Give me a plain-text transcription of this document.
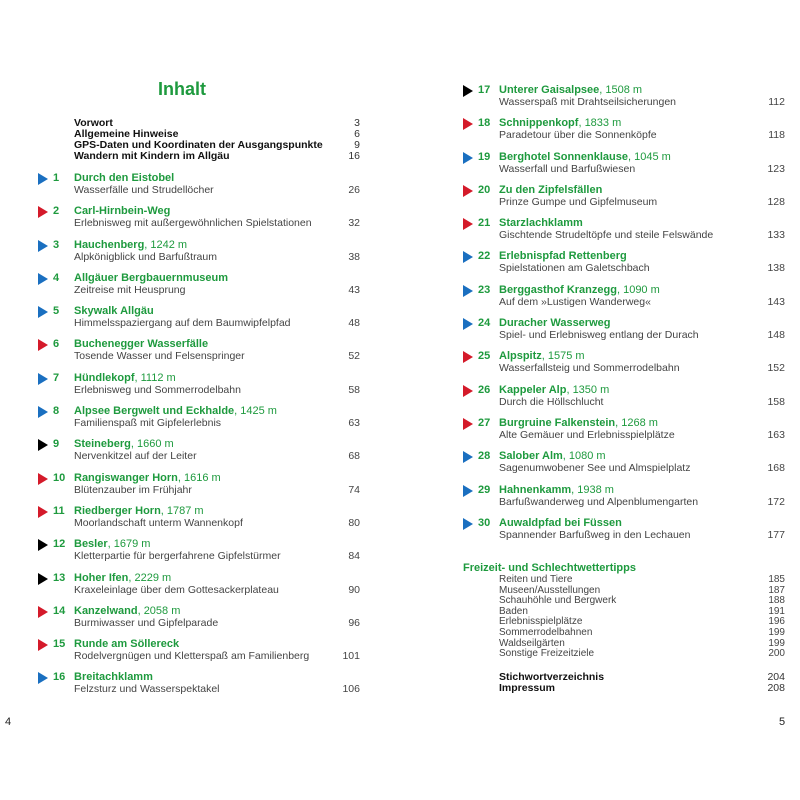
Inhalt
Vorwort	3
Allgemeine Hinweise	6
GPS-Daten und Koordinaten der Ausgangspunkte	9
Wandern mit Kindern im Allgäu	16
1 Durch den Eistobel
Wasserfälle und Strudellöcher	26
2 Carl-Hirnbein-Weg
Erlebnisweg mit außergewöhnlichen Spielstationen	32
3 Hauchenberg, 1242 m
Alpkönigblick und Barfußtraum	38
4 Allgäuer Bergbauernmuseum
Zeitreise mit Heusprung	43
5 Skywalk Allgäu
Himmelsspaziergang auf dem Baumwipfelpfad	48
6 Buchenegger Wasserfälle
Tosende Wasser und Felsenspringer	52
7 Hündlekopf, 1112 m
Erlebnisweg und Sommerrodelbahn	58
8 Alpsee Bergwelt und Eckhalde, 1425 m
Familienspaß mit Gipfelerlebnis	63
9 Steineberg, 1660 m
Nervenkitzel auf der Leiter	68
10 Rangiswanger Horn, 1616 m
Blütenzauber im Frühjahr	74
11 Riedberger Horn, 1787 m
Moorlandschaft unterm Wannenkopf	80
12 Besler, 1679 m
Kletterpartie für bergerfahrene Gipfelstürmer	84
13 Hoher Ifen, 2229 m
Kraxeleinlage über dem Gottesackerplateau	90
14 Kanzelwand, 2058 m
Burmiwasser und Gipfelparade	96
15 Runde am Söllereck
Rodelvergnügen und Kletterspaß am Familienberg	101
16 Breitachklamm
Felzsturz und Wasserspektakel	106
17 Unterer Gaisalpsee, 1508 m
Wasserspaß mit Drahtseilsicherungen	112
18 Schnippenkopf, 1833 m
Paradetour über die Sonnenköpfe	118
19 Berghotel Sonnenklause, 1045 m
Wasserfall und Barfußwiesen	123
20 Zu den Zipfelsfällen
Prinze Gumpe und Gipfelmuseum	128
21 Starzlachklamm
Gischtende Strudeltöpfe und steile Felswände	133
22 Erlebnispfad Rettenberg
Spielstationen am Galetschbach	138
23 Berggasthof Kranzegg, 1090 m
Auf dem »Lustigen Wanderweg«	143
24 Duracher Wasserweg
Spiel- und Erlebnisweg entlang der Durach	148
25 Alpspitz, 1575 m
Wasserfallsteig und Sommerrodelbahn	152
26 Kappeler Alp, 1350 m
Durch die Höllschlucht	158
27 Burgruine Falkenstein, 1268 m
Alte Gemäuer und Erlebnisspielplätze	163
28 Salober Alm, 1080 m
Sagenumwobener See und Almspielplatz	168
29 Hahnenkamm, 1938 m
Barfußwanderweg und Alpenblumengarten	172
30 Auwaldpfad bei Füssen
Spannender Barfußweg in den Lechauen	177
Freizeit- und Schlechtwettertipps
Reiten und Tiere	185
Museen/Ausstellungen	187
Schauhöhle und Bergwerk	188
Baden	191
Erlebnisspielplätze	196
Sommerrodelbahnen	199
Waldseilgärten	199
Sonstige Freizeitziele	200
Stichwortverzeichnis	204
Impressum	208
4	5
